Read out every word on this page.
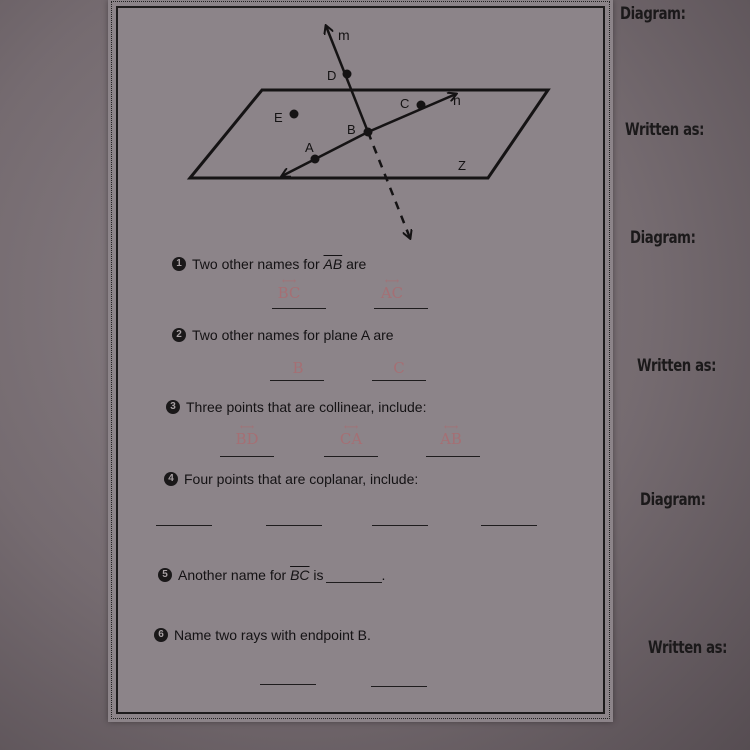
Diagram:
Written as:
Diagram:
Written as:
Diagram:
Written as:
m
D
C	n
E
B
A
Z
1 Two other names for $\overline{AB}$ are
⟷
BC
⟷
AC
2 Two other names for plane A are
B	C
3 Three points that are collinear, include:
⟷
BD
⟷
CA
⟷
AB
4 Four points that are coplanar, include:
5 Another name for $\overline{BC}$ is	.
6 Name two rays with endpoint B.
